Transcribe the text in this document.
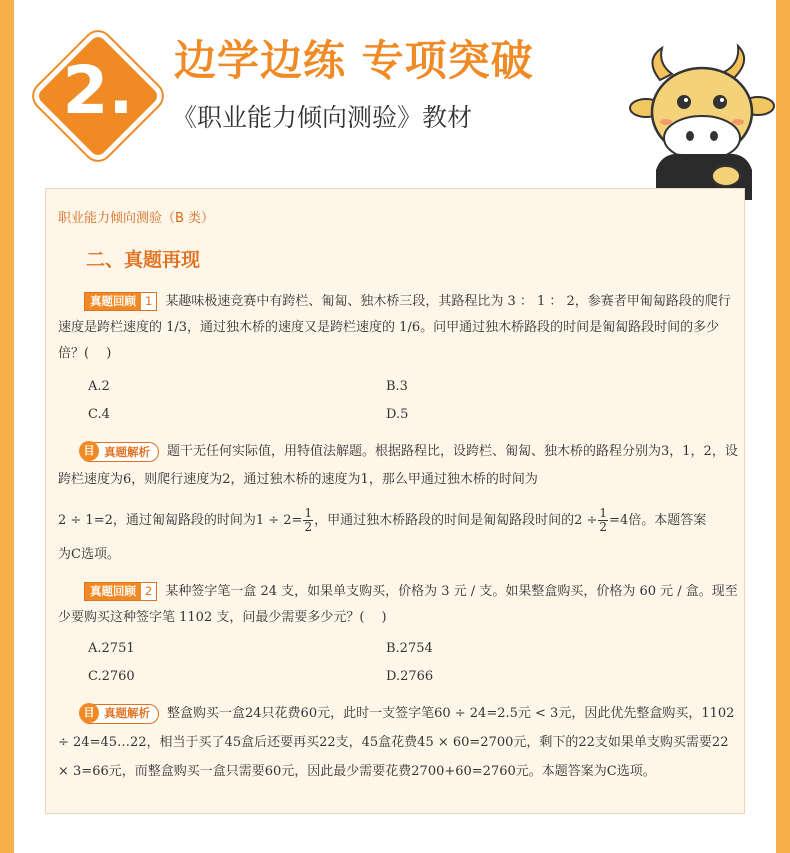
2. 边学边练 专项突破
《职业能力倾向测验》教材
职业能力倾向测验（B 类）
二、真题再现

真题回顾 1 某趣味极速竞赛中有跨栏、匍匐、独木桥三段，其路程比为 3 ： 1 ： 2，参赛者甲匍匐路段的爬行速度是跨栏速度的 1/3，通过独木桥的速度又是跨栏速度的 1/6。问甲通过独木桥路段的时间是匍匐路段时间的多少倍？(　 )

A.2	B.3
C.4	D.5

目 真题解析 题干无任何实际值，用特值法解题。根据路程比，设跨栏、匍匐、独木桥的路程分别为3，1，2，设跨栏速度为6，则爬行速度为2，通过独木桥的速度为1，那么甲通过独木桥的时间为

2 ÷ 1=2，通过匍匐路段的时间为$1 \div 2= \frac{1}{2}$ ，甲通过独木桥路段的时间是匍匐路段时间的$2 \div \frac{1}{2} =4$倍。本题答案

为C选项。

真题回顾 2 某种签字笔一盒 24 支，如果单支购买，价格为 3 元 / 支。如果整盒购买，价格为 60 元 / 盒。现至少要购买这种签字笔 1102 支，问最少需要多少元？(　 )

A.2751	B.2754
C.2760	D.2766

目 真题解析 整盒购买一盒24只花费60元，此时一支签字笔60 ÷ 24=2.5元 < 3元，因此优先整盒购买，1102 ÷ 24=45…22，相当于买了45盒后还要再买22支，45盒花费45 × 60=2700元，剩下的22支如果单支购买需要22 × 3=66元，而整盒购买一盒只需要60元，因此最少需要花费2700+60=2760元。本题答案为C选项。
